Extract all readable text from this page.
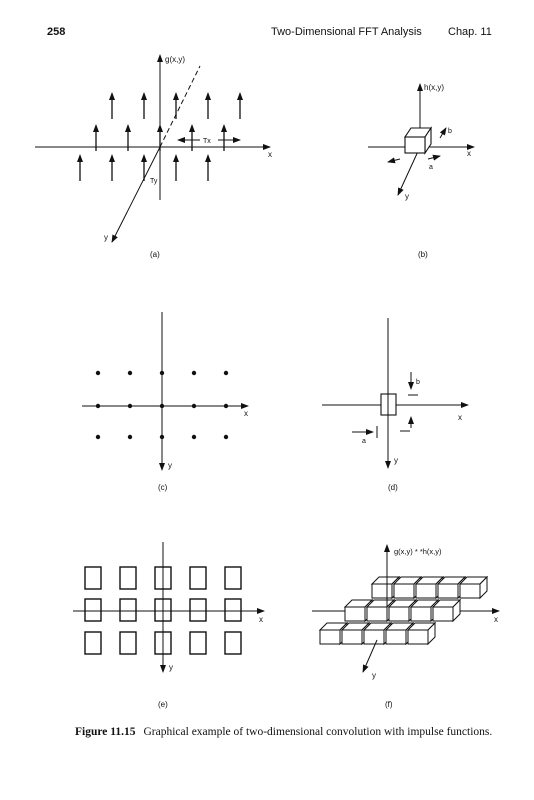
258	Two-Dimensional FFT Analysis Chap. 11
g(x,y)
x
y
Tx
Ty
(a)
h(x,y)
x
y
a
b
(b)
x
y
(c)
b
a
x
y
(d)
x
y
(e)
g(x,y) * *h(x,y)
x
y
(f)
Figure 11.15 Graphical example of two-dimensional convolution with impulse functions.
